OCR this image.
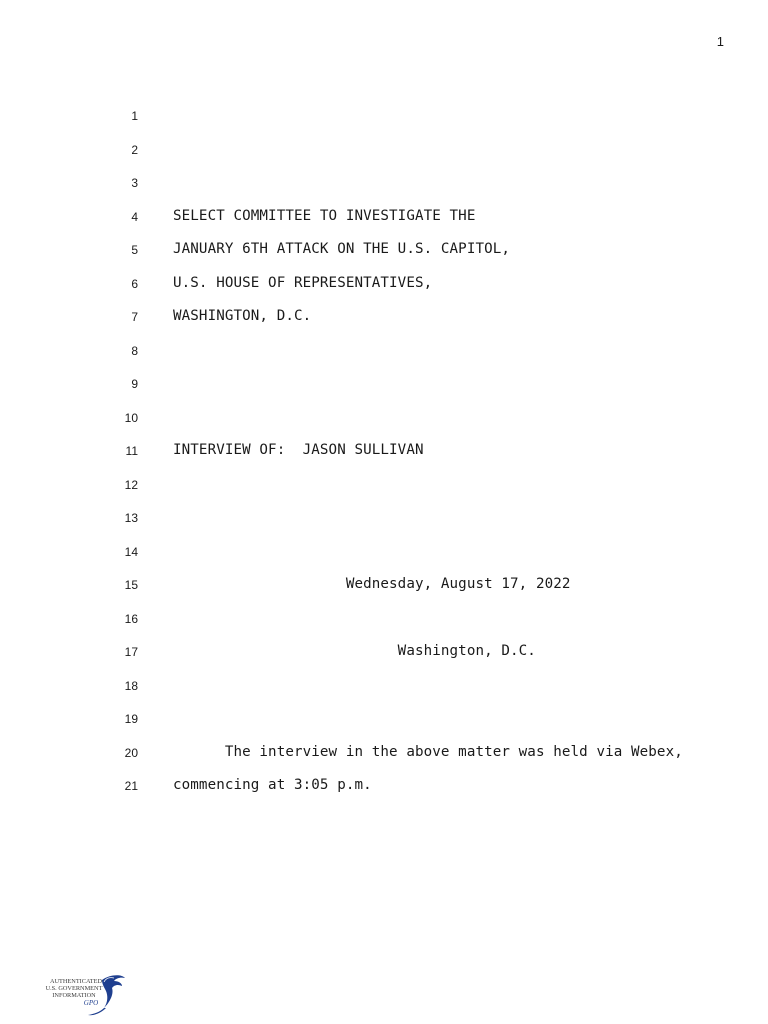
1
1
2
3
4 SELECT COMMITTEE TO INVESTIGATE THE
5 JANUARY 6TH ATTACK ON THE U.S. CAPITOL,
6 U.S. HOUSE OF REPRESENTATIVES,
7 WASHINGTON, D.C.
8
9
10
11 INTERVIEW OF:  JASON SULLIVAN
12
13
14
15 Wednesday, August 17, 2022
16
17 Washington, D.C.
18
19
20 The interview in the above matter was held via Webex,
21 commencing at 3:05 p.m.
AUTHENTICATED
U.S. GOVERNMENT
INFORMATION
GPO
